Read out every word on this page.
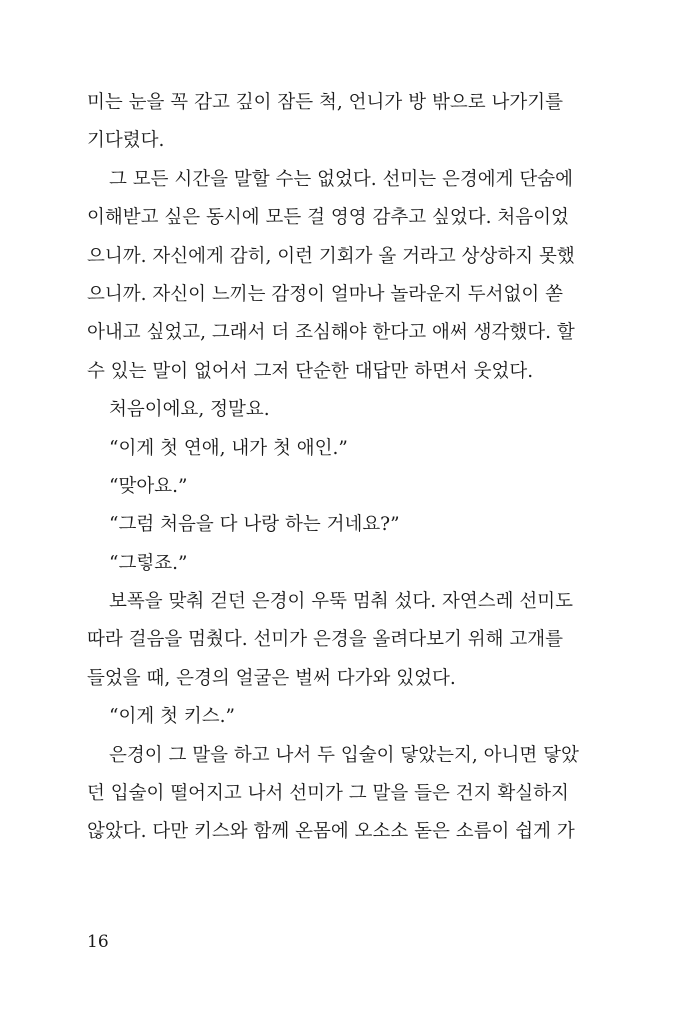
미는 눈을 꼭 감고 깊이 잠든 척, 언니가 방 밖으로 나가기를
기다렸다.
그 모든 시간을 말할 수는 없었다. 선미는 은경에게 단숨에
이해받고 싶은 동시에 모든 걸 영영 감추고 싶었다. 처음이었
으니까. 자신에게 감히, 이런 기회가 올 거라고 상상하지 못했
으니까. 자신이 느끼는 감정이 얼마나 놀라운지 두서없이 쏟
아내고 싶었고, 그래서 더 조심해야 한다고 애써 생각했다. 할
수 있는 말이 없어서 그저 단순한 대답만 하면서 웃었다.
처음이에요, 정말요.
“이게 첫 연애, 내가 첫 애인.”
“맞아요.”
“그럼 처음을 다 나랑 하는 거네요?”
“그렇죠.”
보폭을 맞춰 걷던 은경이 우뚝 멈춰 섰다. 자연스레 선미도
따라 걸음을 멈췄다. 선미가 은경을 올려다보기 위해 고개를
들었을 때, 은경의 얼굴은 벌써 다가와 있었다.
“이게 첫 키스.”
은경이 그 말을 하고 나서 두 입술이 닿았는지, 아니면 닿았
던 입술이 떨어지고 나서 선미가 그 말을 들은 건지 확실하지
않았다. 다만 키스와 함께 온몸에 오소소 돋은 소름이 쉽게 가
16
